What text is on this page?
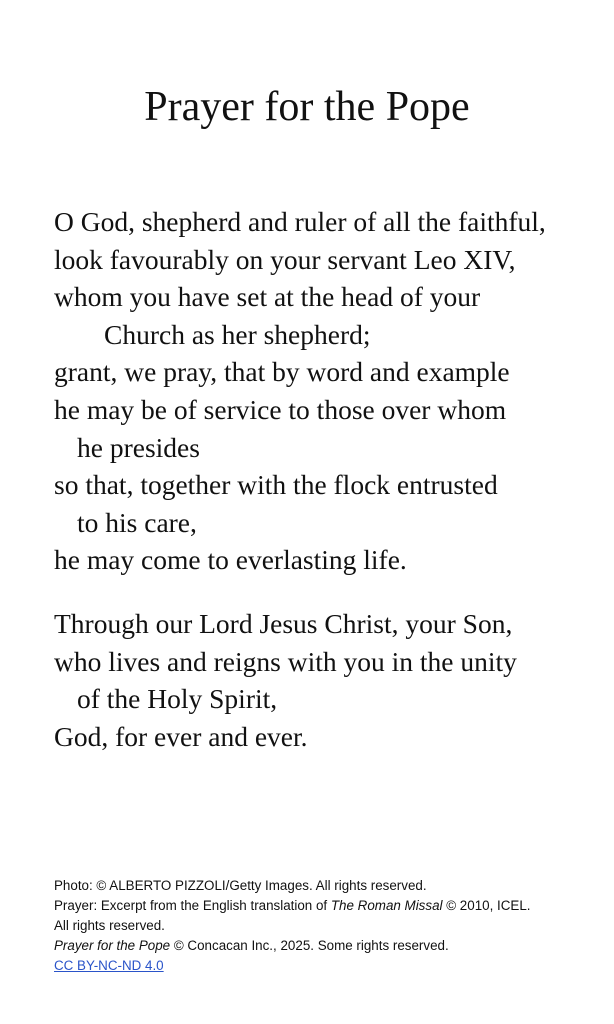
Prayer for the Pope
O God, shepherd and ruler of all the faithful,
look favourably on your servant Leo XIV,
whom you have set at the head of your
Church as her shepherd;
grant, we pray, that by word and example
he may be of service to those over whom
he presides
so that, together with the flock entrusted
to his care,
he may come to everlasting life.
Through our Lord Jesus Christ, your Son,
who lives and reigns with you in the unity
of the Holy Spirit,
God, for ever and ever.
Photo: © ALBERTO PIZZOLI/Getty Images. All rights reserved.
Prayer: Excerpt from the English translation of The Roman Missal © 2010, ICEL.
All rights reserved.
Prayer for the Pope © Concacan Inc., 2025. Some rights reserved.
CC BY-NC-ND 4.0
